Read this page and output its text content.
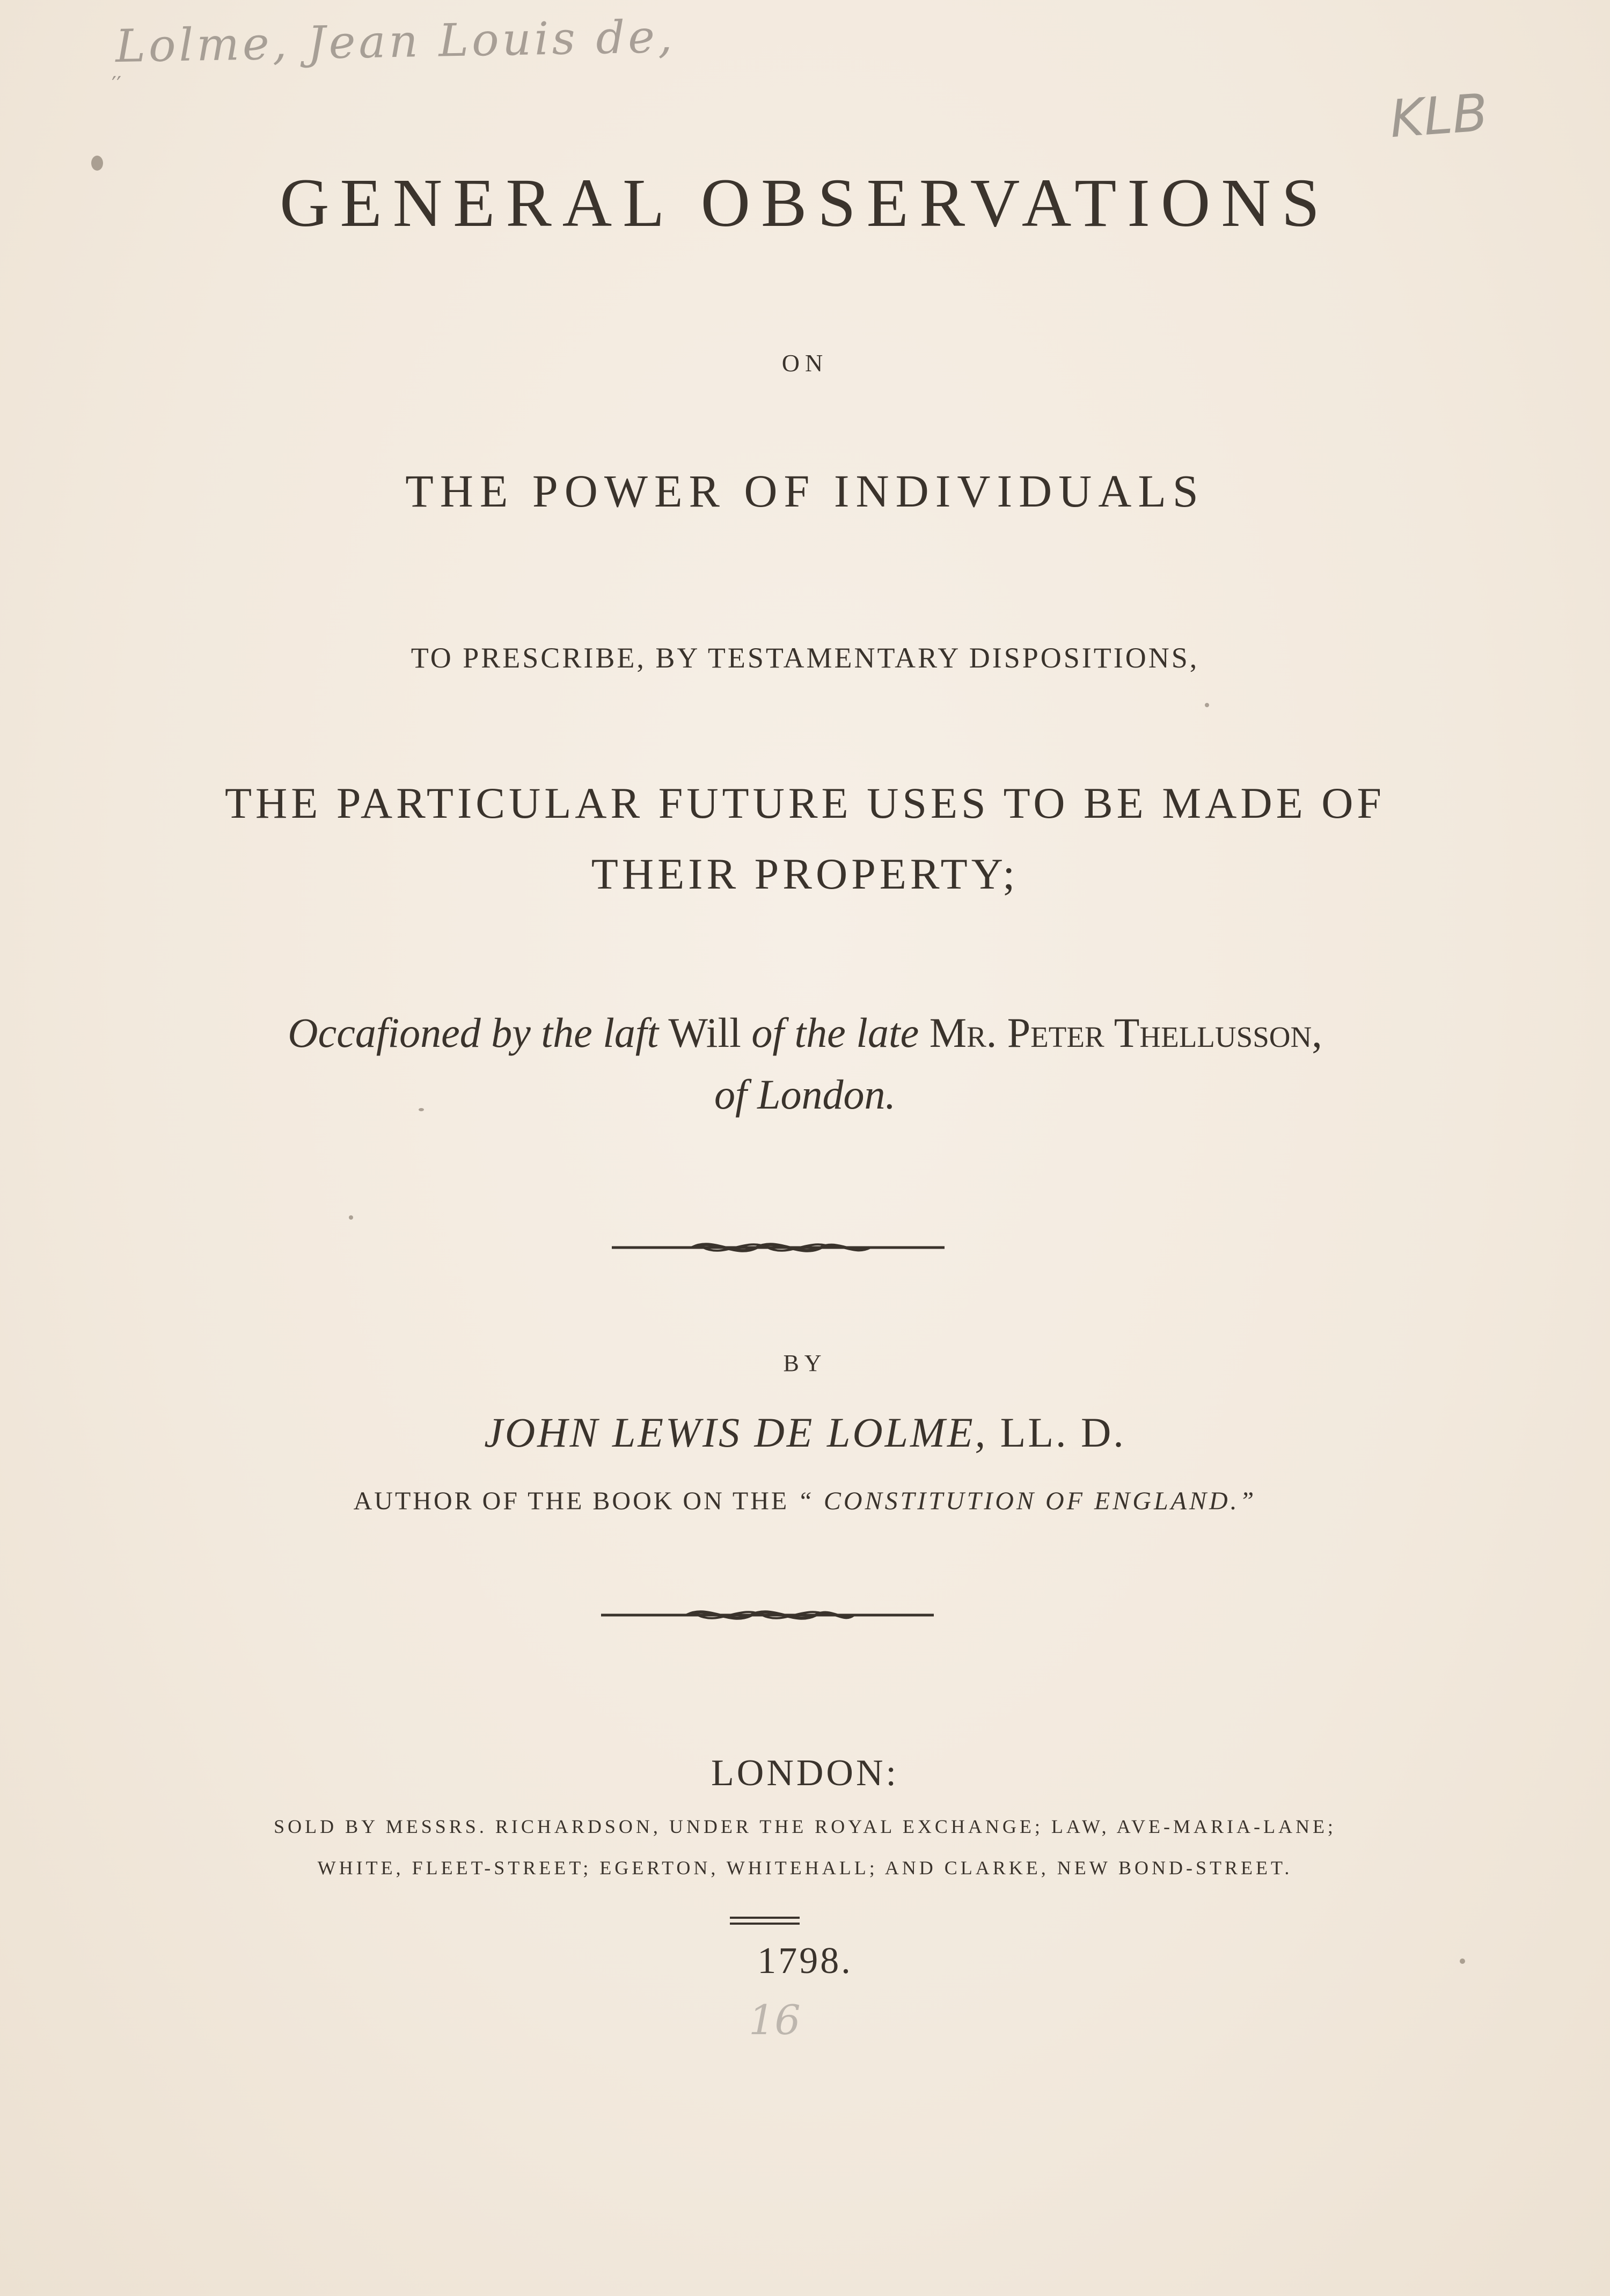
Lolme, Jean Louis de,
′′	KLB
GENERAL OBSERVATIONS
ON
THE POWER OF INDIVIDUALS
TO PRESCRIBE, BY TESTAMENTARY DISPOSITIONS,
THE PARTICULAR FUTURE USES TO BE MADE OF
THEIR PROPERTY;
Occafioned by the laft Will of the late Mr. Peter Thellusson,
of London.
BY
JOHN LEWIS DE LOLME, LL. D.
AUTHOR OF THE BOOK ON THE “ CONSTITUTION OF ENGLAND.”
LONDON:
SOLD BY MESSRS. RICHARDSON, UNDER THE ROYAL EXCHANGE; LAW, AVE-MARIA-LANE;
WHITE, FLEET-STREET; EGERTON, WHITEHALL; AND CLARKE, NEW BOND-STREET.
1798.
16
